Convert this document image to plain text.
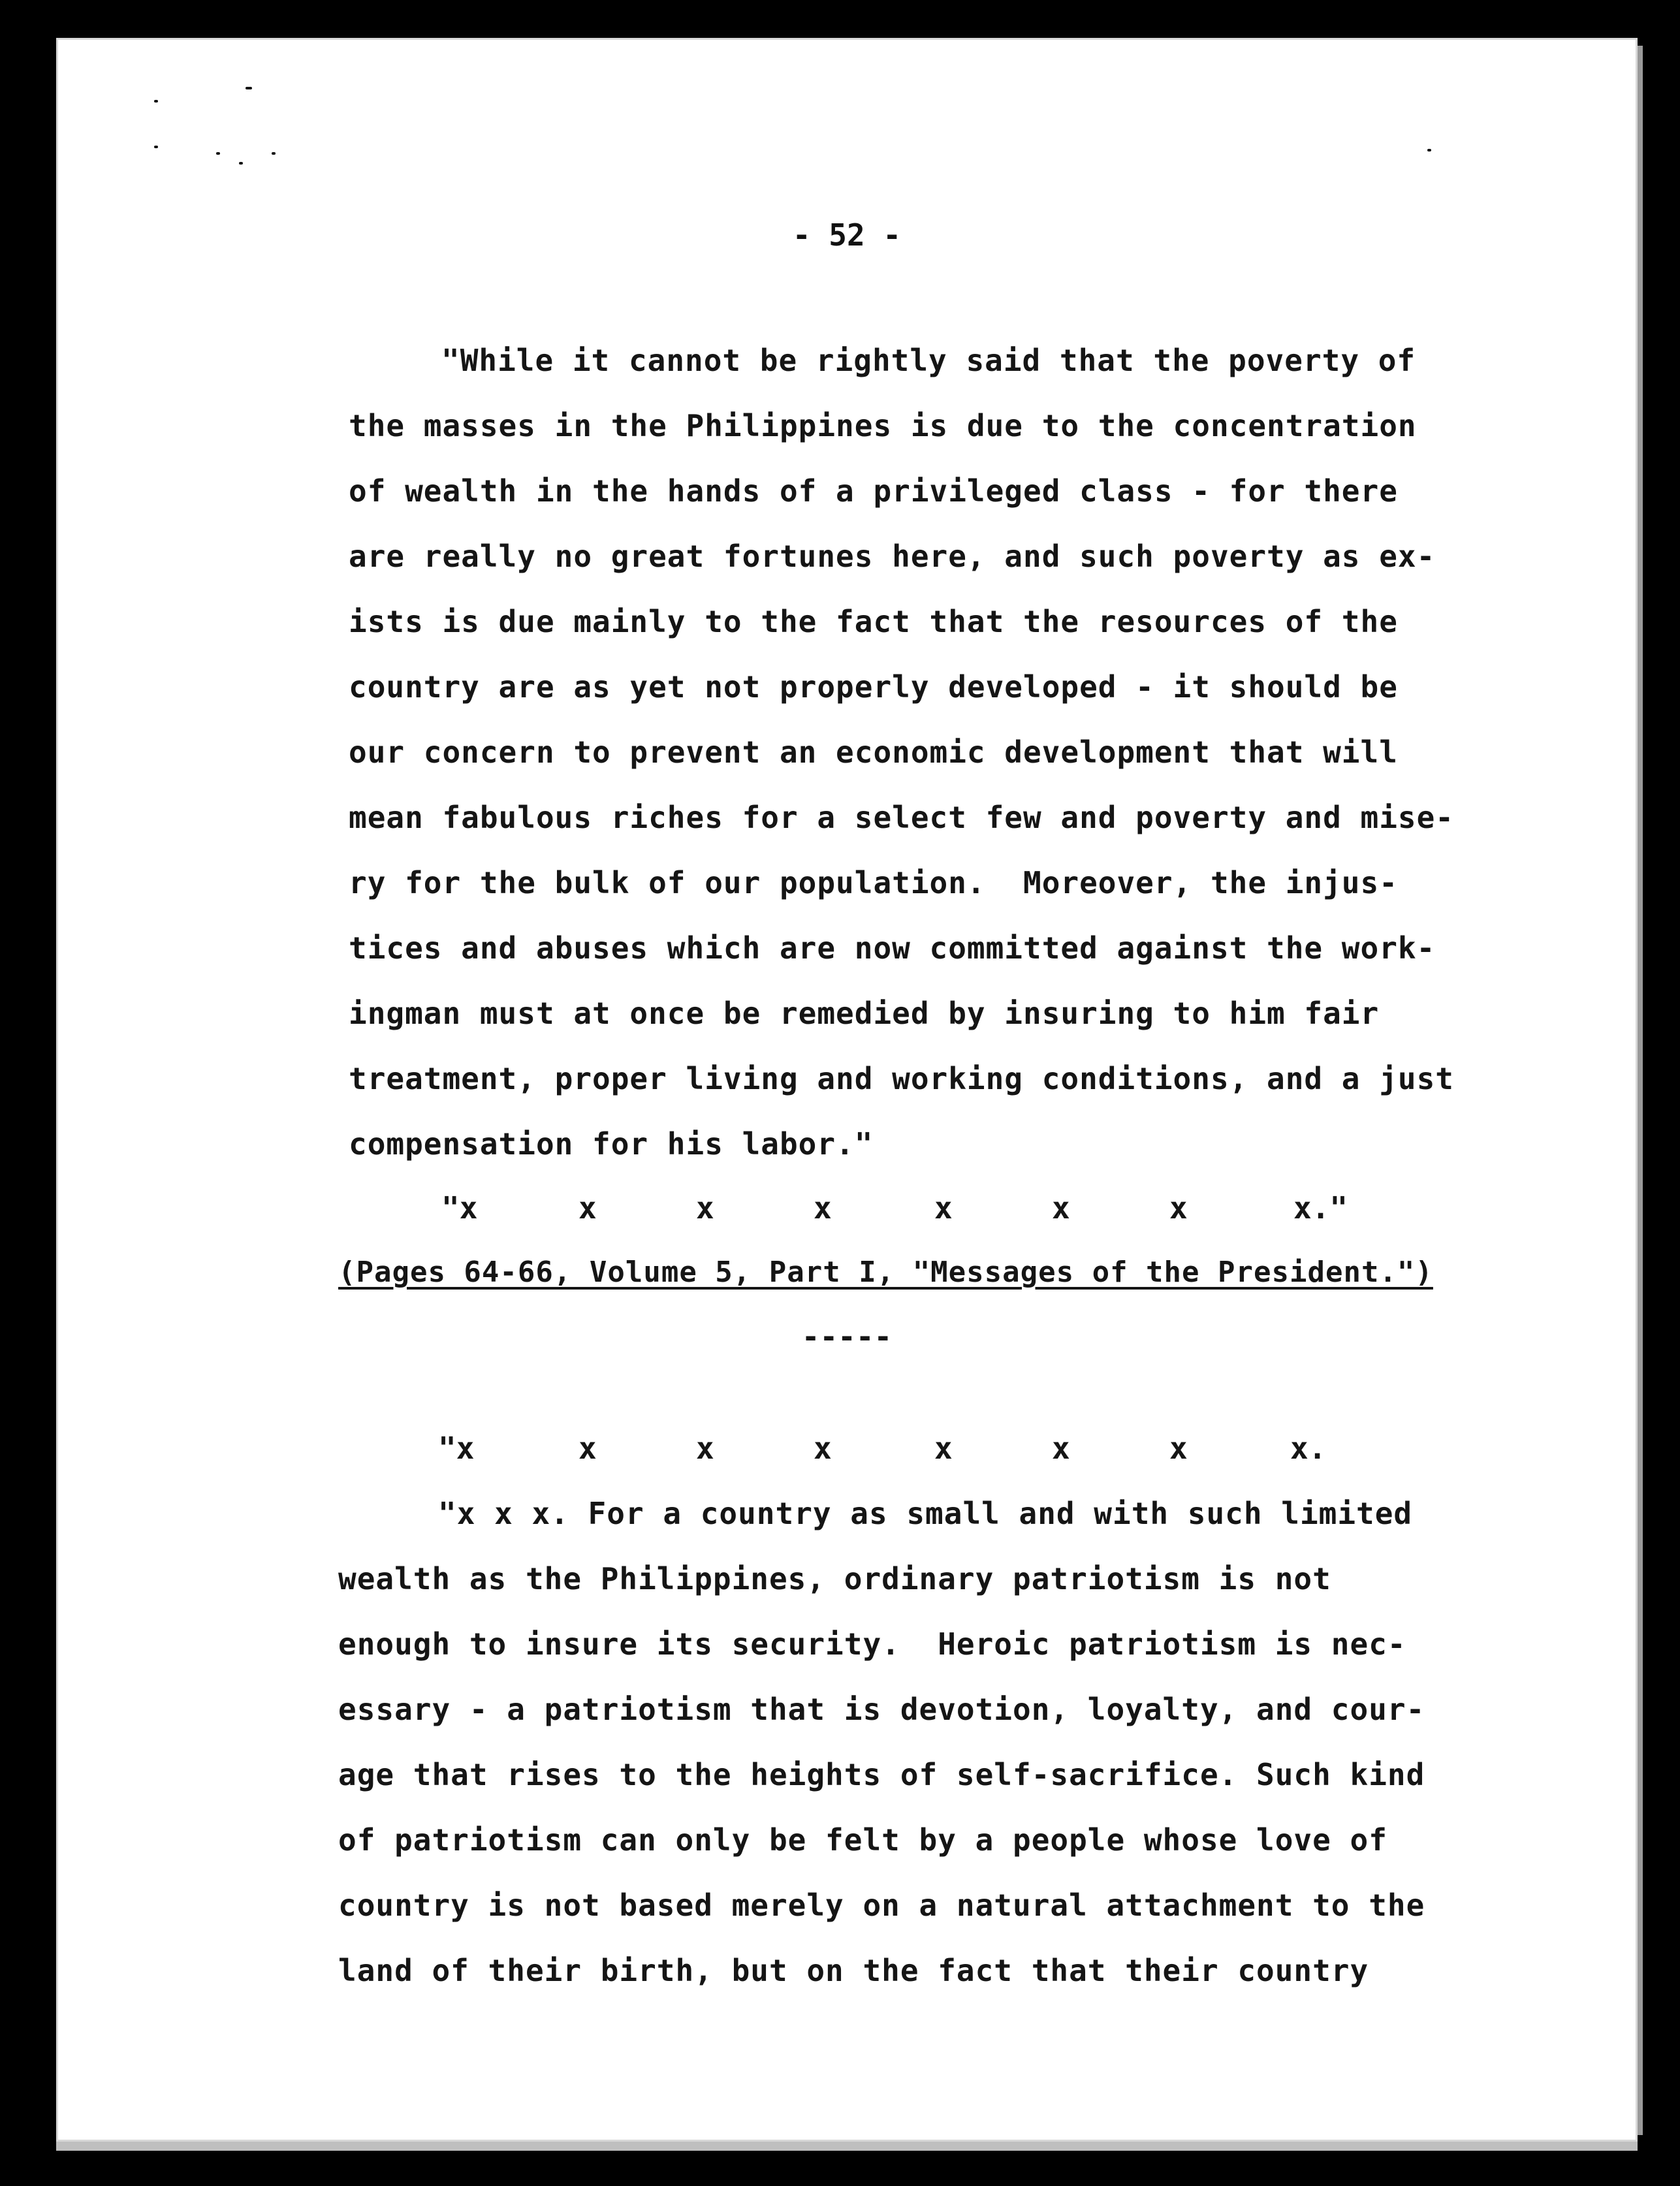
- 52 -
"While it cannot be rightly said that the poverty of
the masses in the Philippines is due to the concentration
of wealth in the hands of a privileged class - for there
are really no great fortunes here, and such poverty as ex-
ists is due mainly to the fact that the resources of the
country are as yet not properly developed - it should be
our concern to prevent an economic development that will
mean fabulous riches for a select few and poverty and mise-
ry for the bulk of our population.  Moreover, the injus-
tices and abuses which are now committed against the work-
ingman must at once be remedied by insuring to him fair
treatment, proper living and working conditions, and a just
compensation for his labor."
"x	x	x	x	x	x	x	x."
(Pages 64-66, Volume 5, Part I, "Messages of the President.")
-----
"x	x	x	x	x	x	x	x.
"x x x. For a country as small and with such limited
wealth as the Philippines, ordinary patriotism is not
enough to insure its security.  Heroic patriotism is nec-
essary - a patriotism that is devotion, loyalty, and cour-
age that rises to the heights of self-sacrifice. Such kind
of patriotism can only be felt by a people whose love of
country is not based merely on a natural attachment to the
land of their birth, but on the fact that their country
